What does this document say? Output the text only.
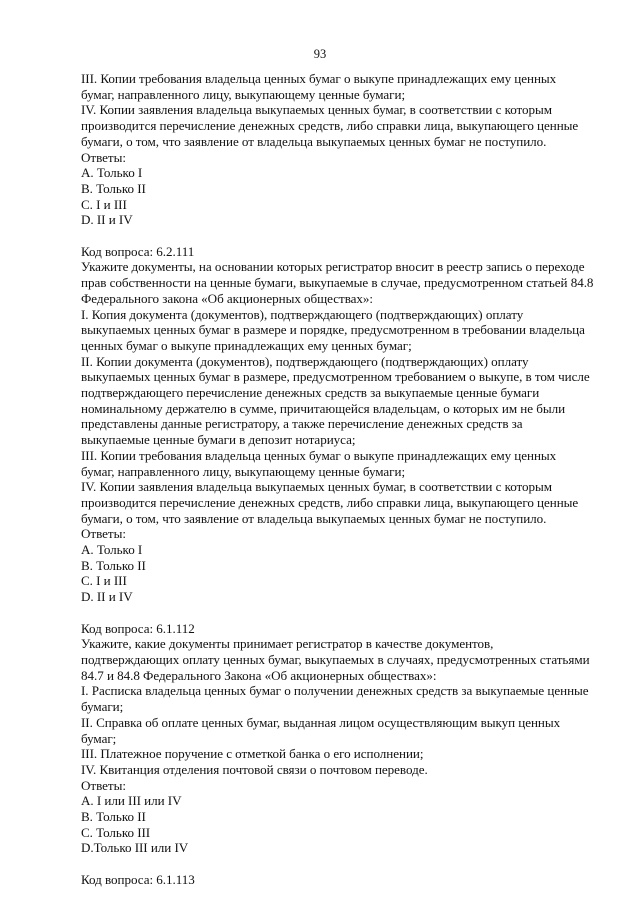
93
III. Копии требования владельца ценных бумаг о выкупе принадлежащих ему ценных
бумаг, направленного лицу, выкупающему ценные бумаги;
IV. Копии заявления владельца выкупаемых ценных бумаг, в соответствии с которым
производится перечисление денежных средств, либо справки лица, выкупающего ценные
бумаги, о том, что заявление от владельца выкупаемых ценных бумаг не поступило.
Ответы:
A. Только I
B. Только II
C. I и III
D. II и IV
Код вопроса: 6.2.111
Укажите документы, на основании которых регистратор вносит в реестр запись о переходе
прав собственности на ценные бумаги, выкупаемые в случае, предусмотренном статьей 84.8
Федерального закона «Об акционерных обществах»:
I. Копия документа (документов), подтверждающего (подтверждающих) оплату
выкупаемых ценных бумаг в размере и порядке, предусмотренном в требовании владельца
ценных бумаг о выкупе принадлежащих ему ценных бумаг;
II. Копии документа (документов), подтверждающего (подтверждающих) оплату
выкупаемых ценных бумаг в размере, предусмотренном требованием о выкупе, в том числе
подтверждающего перечисление денежных средств за выкупаемые ценные бумаги
номинальному держателю в сумме, причитающейся владельцам, о которых им не были
представлены данные регистратору, а также перечисление денежных средств за
выкупаемые ценные бумаги в депозит нотариуса;
III. Копии требования владельца ценных бумаг о выкупе принадлежащих ему ценных
бумаг, направленного лицу, выкупающему ценные бумаги;
IV. Копии заявления владельца выкупаемых ценных бумаг, в соответствии с которым
производится перечисление денежных средств, либо справки лица, выкупающего ценные
бумаги, о том, что заявление от владельца выкупаемых ценных бумаг не поступило.
Ответы:
A. Только I
B. Только II
C. I и III
D. II и IV
Код вопроса: 6.1.112
Укажите, какие документы принимает регистратор в качестве документов,
подтверждающих оплату ценных бумаг, выкупаемых в случаях, предусмотренных статьями
84.7 и 84.8 Федерального Закона «Об акционерных обществах»:
I. Расписка владельца ценных бумаг о получении денежных средств за выкупаемые ценные
бумаги;
II. Справка об оплате ценных бумаг, выданная лицом осуществляющим выкуп ценных
бумаг;
III. Платежное поручение с отметкой банка о его исполнении;
IV. Квитанция отделения почтовой связи о почтовом переводе.
Ответы:
A. I или III или IV
B. Только II
C. Только III
D.Только III или IV
Код вопроса: 6.1.113
